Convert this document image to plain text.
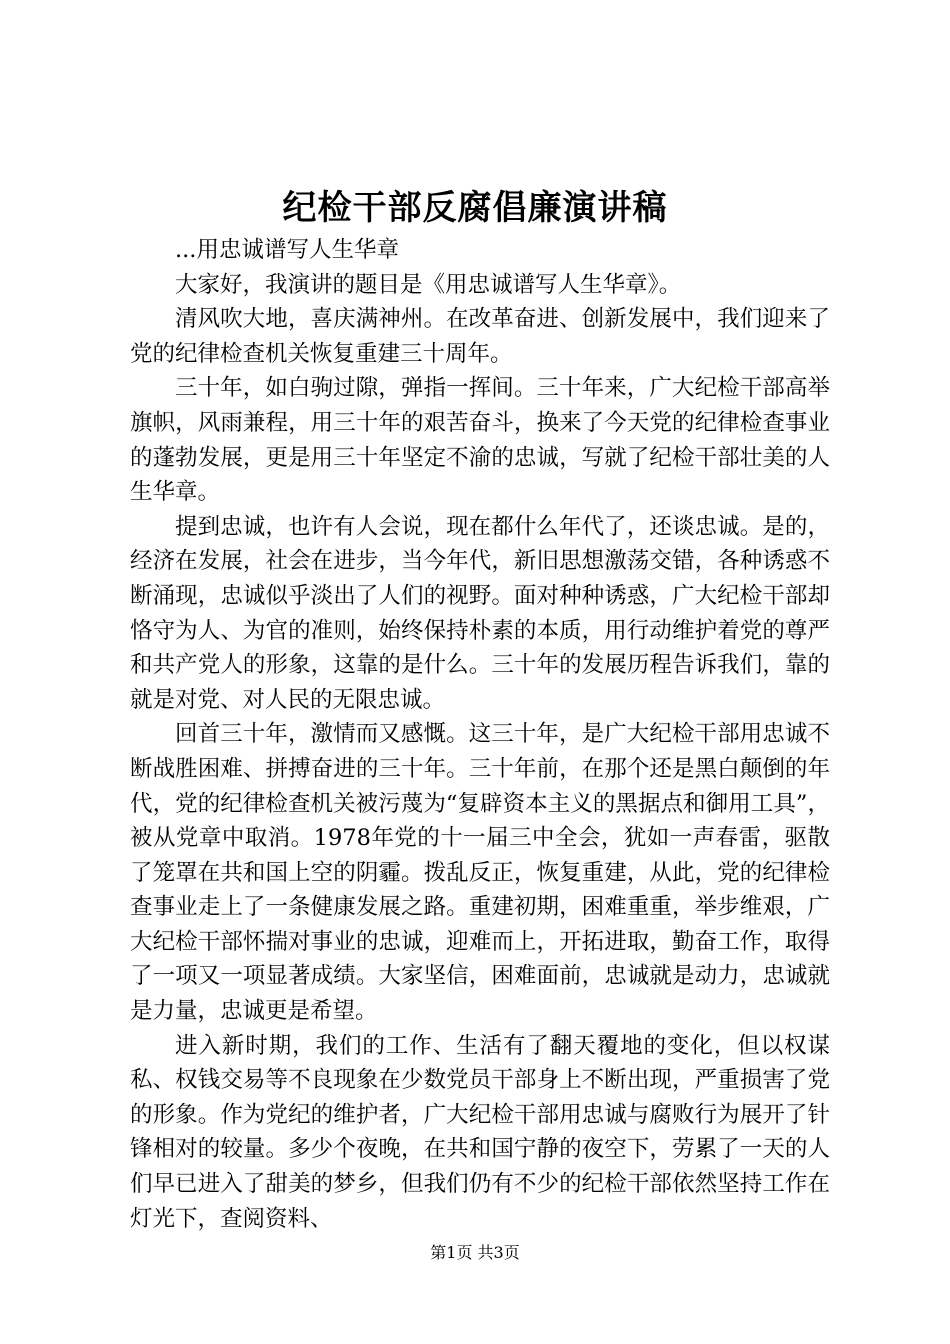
纪检干部反腐倡廉演讲稿
...用忠诚谱写人生华章

大家好，我演讲的题目是《用忠诚谱写人生华章》。

清风吹大地，喜庆满神州。在改革奋进、创新发展中，我们迎来了党的纪律检查机关恢复重建三十周年。

三十年，如白驹过隙，弹指一挥间。三十年来，广大纪检干部高举旗帜，风雨兼程，用三十年的艰苦奋斗，换来了今天党的纪律检查事业的蓬勃发展，更是用三十年坚定不渝的忠诚，写就了纪检干部壮美的人生华章。

提到忠诚，也许有人会说，现在都什么年代了，还谈忠诚。是的，经济在发展，社会在进步，当今年代，新旧思想激荡交错，各种诱惑不断涌现，忠诚似乎淡出了人们的视野。面对种种诱惑，广大纪检干部却恪守为人、为官的准则，始终保持朴素的本质，用行动维护着党的尊严和共产党人的形象，这靠的是什么。三十年的发展历程告诉我们，靠的就是对党、对人民的无限忠诚。

回首三十年，激情而又感慨。这三十年，是广大纪检干部用忠诚不断战胜困难、拼搏奋进的三十年。三十年前，在那个还是黑白颠倒的年代，党的纪律检查机关被污蔑为“复辟资本主义的黑据点和御用工具”，被从党章中取消。1978年党的十一届三中全会，犹如一声春雷，驱散了笼罩在共和国上空的阴霾。拨乱反正，恢复重建，从此，党的纪律检查事业走上了一条健康发展之路。重建初期，困难重重，举步维艰，广大纪检干部怀揣对事业的忠诚，迎难而上，开拓进取，勤奋工作，取得了一项又一项显著成绩。大家坚信，困难面前，忠诚就是动力，忠诚就是力量，忠诚更是希望。

进入新时期，我们的工作、生活有了翻天覆地的变化，但以权谋私、权钱交易等不良现象在少数党员干部身上不断出现，严重损害了党的形象。作为党纪的维护者，广大纪检干部用忠诚与腐败行为展开了针锋相对的较量。多少个夜晚，在共和国宁静的夜空下，劳累了一天的人们早已进入了甜美的梦乡，但我们仍有不少的纪检干部依然坚持工作在灯光下，查阅资料、

第1页 共3页
